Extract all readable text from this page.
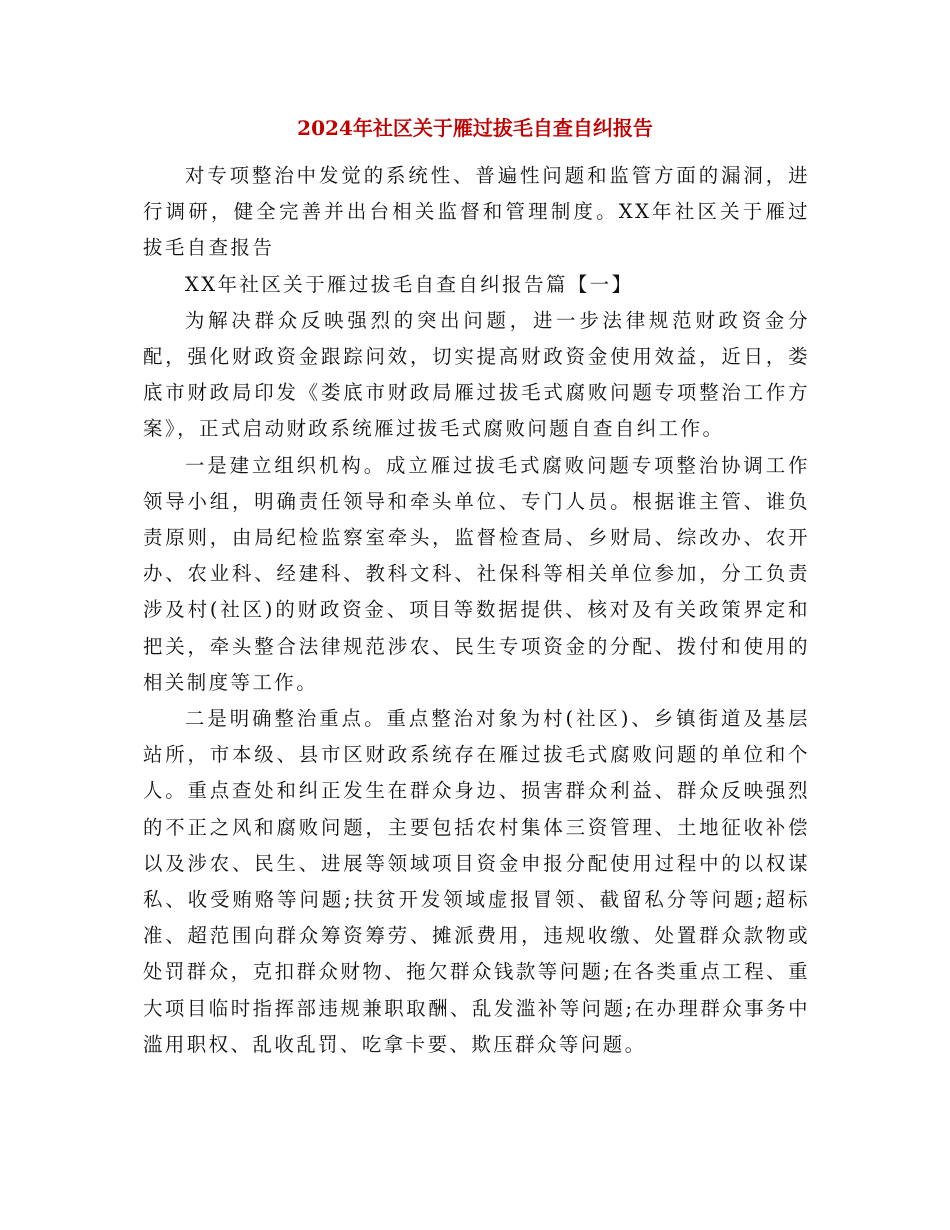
2024年社区关于雁过拔毛自查自纠报告

对专项整治中发觉的系统性、普遍性问题和监管方面的漏洞，进行调研，健全完善并出台相关监督和管理制度。XX年社区关于雁过拔毛自查报告

XX年社区关于雁过拔毛自查自纠报告篇【一】

为解决群众反映强烈的突出问题，进一步法律规范财政资金分配，强化财政资金跟踪问效，切实提高财政资金使用效益，近日，娄底市财政局印发《娄底市财政局雁过拔毛式腐败问题专项整治工作方案》，正式启动财政系统雁过拔毛式腐败问题自查自纠工作。

一是建立组织机构。成立雁过拔毛式腐败问题专项整治协调工作领导小组，明确责任领导和牵头单位、专门人员。根据谁主管、谁负责原则，由局纪检监察室牵头，监督检查局、乡财局、综改办、农开办、农业科、经建科、教科文科、社保科等相关单位参加，分工负责涉及村(社区)的财政资金、项目等数据提供、核对及有关政策界定和把关，牵头整合法律规范涉农、民生专项资金的分配、拨付和使用的相关制度等工作。

二是明确整治重点。重点整治对象为村(社区)、乡镇街道及基层站所，市本级、县市区财政系统存在雁过拔毛式腐败问题的单位和个人。重点查处和纠正发生在群众身边、损害群众利益、群众反映强烈的不正之风和腐败问题，主要包括农村集体三资管理、土地征收补偿以及涉农、民生、进展等领域项目资金申报分配使用过程中的以权谋私、收受贿赂等问题;扶贫开发领域虚报冒领、截留私分等问题;超标准、超范围向群众筹资筹劳、摊派费用，违规收缴、处置群众款物或处罚群众，克扣群众财物、拖欠群众钱款等问题;在各类重点工程、重大项目临时指挥部违规兼职取酬、乱发滥补等问题;在办理群众事务中滥用职权、乱收乱罚、吃拿卡要、欺压群众等问题。
